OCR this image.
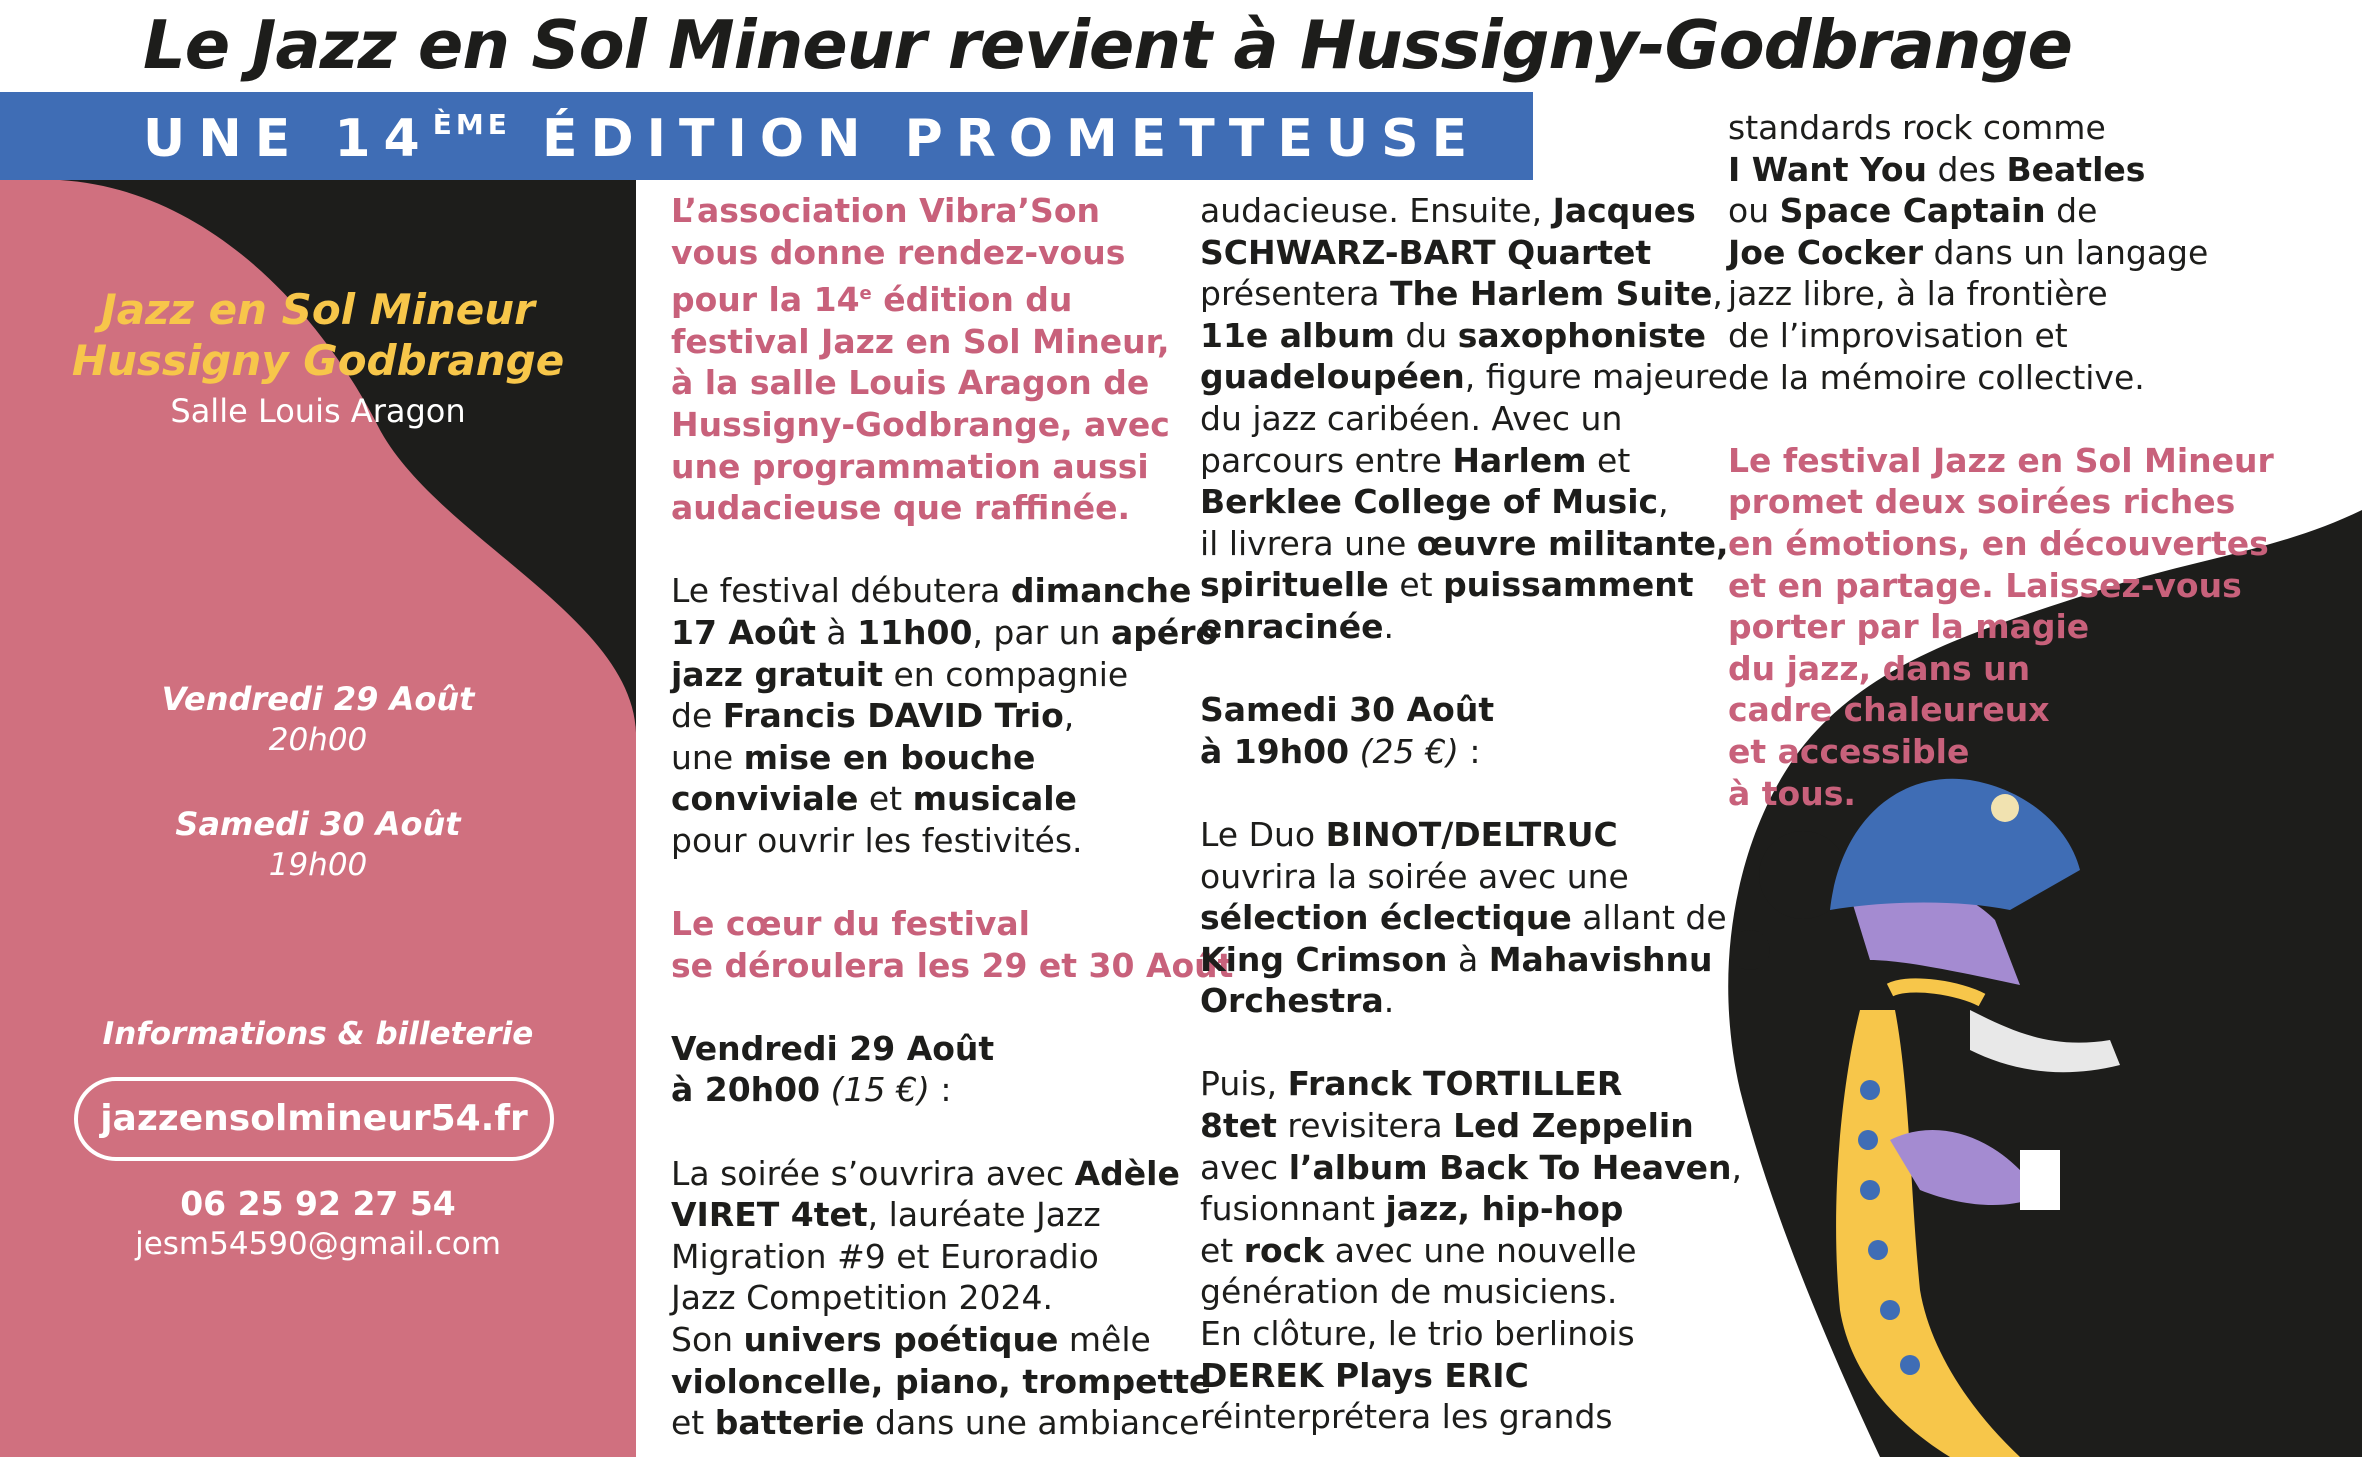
Le Jazz en Sol Mineur revient à Hussigny-Godbrange
UNE 14ÈME ÉDITION PROMETTEUSE
Jazz en Sol Mineur
Hussigny Godbrange
Salle Louis Aragon
Vendredi 29 Août
20h00
Samedi 30 Août
19h00
Informations & billeterie
jazzensolmineur54.fr
06 25 92 27 54
jesm54590@gmail.com

L’association Vibra’Son

vous donne rendez-vous

pour la 14e édition du

festival Jazz en Sol Mineur,

à la salle Louis Aragon de

Hussigny-Godbrange, avec

une programmation aussi

audacieuse que raffinée.

Le festival débutera dimanche

17 Août à 11h00, par un apéro

jazz gratuit en compagnie

de Francis DAVID Trio,

une mise en bouche

conviviale et musicale

pour ouvrir les festivités.

Le cœur du festival

se déroulera les 29 et 30 Août

Vendredi 29 Août

à 20h00 (15 €) :

La soirée s’ouvrira avec Adèle

VIRET 4tet, lauréate Jazz

Migration #9 et Euroradio

Jazz Competition 2024.

Son univers poétique mêle

violoncelle, piano, trompette

et batterie dans une ambiance

audacieuse. Ensuite, Jacques

SCHWARZ-BART Quartet

présentera The Harlem Suite,

11e album du saxophoniste

guadeloupéen, figure majeure

du jazz caribéen. Avec un

parcours entre Harlem et

Berklee College of Music,

il livrera une œuvre militante,

spirituelle et puissamment

enracinée.

Samedi 30 Août

à 19h00 (25 €) :

Le Duo BINOT/DELTRUC

ouvrira la soirée avec une

sélection éclectique allant de

King Crimson à Mahavishnu

Orchestra.

Puis, Franck TORTILLER

8tet revisitera Led Zeppelin

avec l’album Back To Heaven,

fusionnant jazz, hip-hop

et rock avec une nouvelle

génération de musiciens.

En clôture, le trio berlinois

DEREK Plays ERIC

réinterprétera les grands

standards rock comme

I Want You des Beatles

ou Space Captain de

Joe Cocker dans un langage

jazz libre, à la frontière

de l’improvisation et

de la mémoire collective.

Le festival Jazz en Sol Mineur

promet deux soirées riches

en émotions, en découvertes

et en partage. Laissez-vous

porter par la magie

du jazz, dans un

cadre chaleureux

et accessible

à tous.
